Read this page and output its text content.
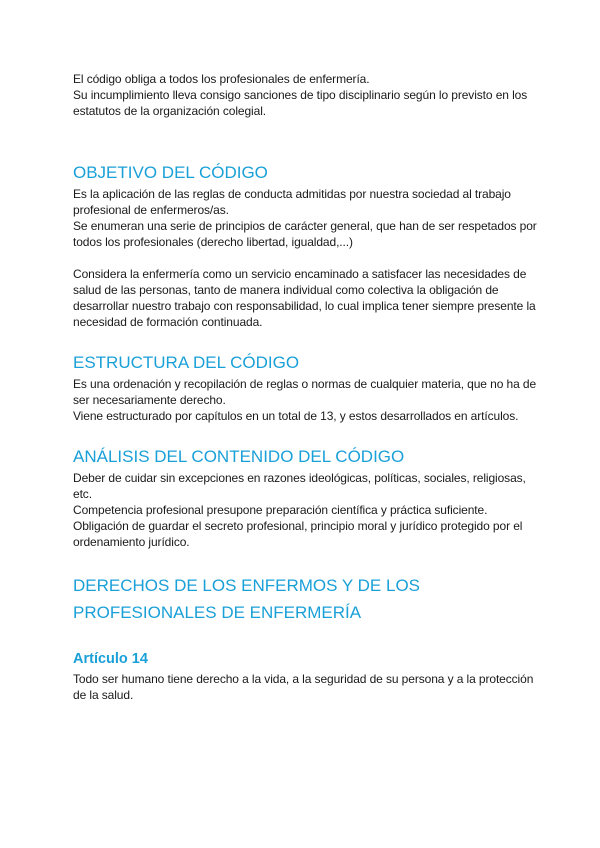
El código obliga a todos los profesionales de enfermería.
Su incumplimiento lleva consigo sanciones de tipo disciplinario según lo previsto en los
estatutos de la organización colegial.

OBJETIVO DEL CÓDIGO

Es la aplicación de las reglas de conducta admitidas por nuestra sociedad al trabajo
profesional de enfermeros/as.
Se enumeran una serie de principios de carácter general, que han de ser respetados por
todos los profesionales (derecho libertad, igualdad,...)

Considera la enfermería como un servicio encaminado a satisfacer las necesidades de
salud de las personas, tanto de manera individual como colectiva la obligación de
desarrollar nuestro trabajo con responsabilidad, lo cual implica tener siempre presente la
necesidad de formación continuada.

ESTRUCTURA DEL CÓDIGO

Es una ordenación y recopilación de reglas o normas de cualquier materia, que no ha de
ser necesariamente derecho.
Viene estructurado por capítulos en un total de 13, y estos desarrollados en artículos.

ANÁLISIS DEL CONTENIDO DEL CÓDIGO

Deber de cuidar sin excepciones en razones ideológicas, políticas, sociales, religiosas,
etc.
Competencia profesional presupone preparación científica y práctica suficiente.
Obligación de guardar el secreto profesional, principio moral y jurídico protegido por el
ordenamiento jurídico.

DERECHOS DE LOS ENFERMOS Y DE LOS
PROFESIONALES DE ENFERMERÍA
Artículo 14

Todo ser humano tiene derecho a la vida, a la seguridad de su persona y a la protección
de la salud.
